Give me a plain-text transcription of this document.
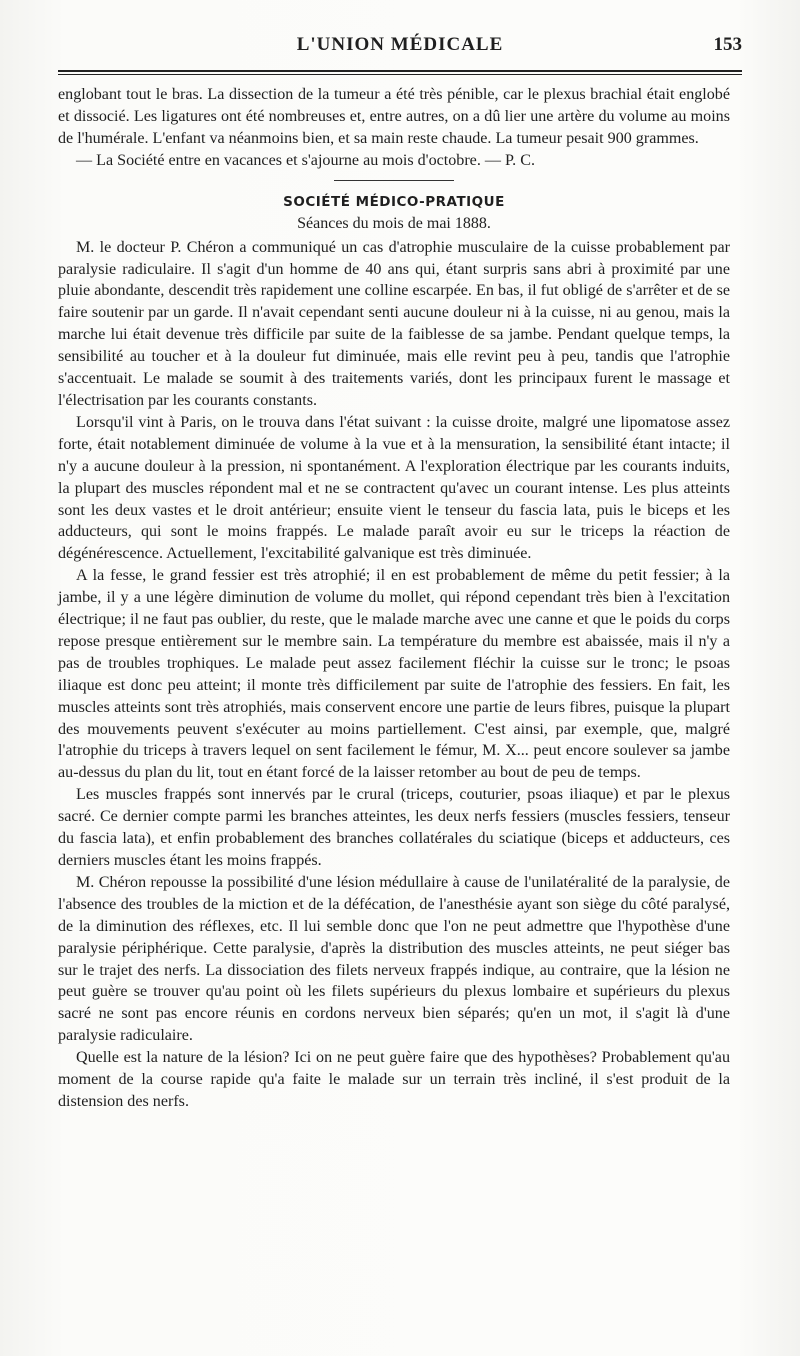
L'UNION MÉDICALE	153

englobant tout le bras. La dissection de la tumeur a été très pénible, car le plexus brachial était englobé et dissocié. Les ligatures ont été nombreuses et, entre autres, on a dû lier une artère du volume au moins de l'humérale. L'enfant va néanmoins bien, et sa main reste chaude. La tumeur pesait 900 grammes.

— La Société entre en vacances et s'ajourne au mois d'octobre. — P. C.

SOCIÉTÉ MÉDICO-PRATIQUE
Séances du mois de mai 1888.

M. le docteur P. Chéron a communiqué un cas d'atrophie musculaire de la cuisse probablement par paralysie radiculaire. Il s'agit d'un homme de 40 ans qui, étant surpris sans abri à proximité par une pluie abondante, descendit très rapidement une colline escarpée. En bas, il fut obligé de s'arrêter et de se faire soutenir par un garde. Il n'avait cependant senti aucune douleur ni à la cuisse, ni au genou, mais la marche lui était devenue très difficile par suite de la faiblesse de sa jambe. Pendant quelque temps, la sensibilité au toucher et à la douleur fut diminuée, mais elle revint peu à peu, tandis que l'atrophie s'accentuait. Le malade se soumit à des traitements variés, dont les principaux furent le massage et l'électrisation par les courants constants.

Lorsqu'il vint à Paris, on le trouva dans l'état suivant : la cuisse droite, malgré une lipomatose assez forte, était notablement diminuée de volume à la vue et à la mensuration, la sensibilité étant intacte; il n'y a aucune douleur à la pression, ni spontanément. A l'exploration électrique par les courants induits, la plupart des muscles répondent mal et ne se contractent qu'avec un courant intense. Les plus atteints sont les deux vastes et le droit antérieur; ensuite vient le tenseur du fascia lata, puis le biceps et les adducteurs, qui sont le moins frappés. Le malade paraît avoir eu sur le triceps la réaction de dégénérescence. Actuellement, l'excitabilité galvanique est très diminuée.

A la fesse, le grand fessier est très atrophié; il en est probablement de même du petit fessier; à la jambe, il y a une légère diminution de volume du mollet, qui répond cependant très bien à l'excitation électrique; il ne faut pas oublier, du reste, que le malade marche avec une canne et que le poids du corps repose presque entièrement sur le membre sain. La température du membre est abaissée, mais il n'y a pas de troubles trophiques. Le malade peut assez facilement fléchir la cuisse sur le tronc; le psoas iliaque est donc peu atteint; il monte très difficilement par suite de l'atrophie des fessiers. En fait, les muscles atteints sont très atrophiés, mais conservent encore une partie de leurs fibres, puisque la plupart des mouvements peuvent s'exécuter au moins partiellement. C'est ainsi, par exemple, que, malgré l'atrophie du triceps à travers lequel on sent facilement le fémur, M. X... peut encore soulever sa jambe au-dessus du plan du lit, tout en étant forcé de la laisser retomber au bout de peu de temps.

Les muscles frappés sont innervés par le crural (triceps, couturier, psoas iliaque) et par le plexus sacré. Ce dernier compte parmi les branches atteintes, les deux nerfs fessiers (muscles fessiers, tenseur du fascia lata), et enfin probablement des branches collatérales du sciatique (biceps et adducteurs, ces derniers muscles étant les moins frappés.

M. Chéron repousse la possibilité d'une lésion médullaire à cause de l'unilatéralité de la paralysie, de l'absence des troubles de la miction et de la défécation, de l'anesthésie ayant son siège du côté paralysé, de la diminution des réflexes, etc. Il lui semble donc que l'on ne peut admettre que l'hypothèse d'une paralysie périphérique. Cette paralysie, d'après la distribution des muscles atteints, ne peut siéger bas sur le trajet des nerfs. La dissociation des filets nerveux frappés indique, au contraire, que la lésion ne peut guère se trouver qu'au point où les filets supérieurs du plexus lombaire et supérieurs du plexus sacré ne sont pas encore réunis en cordons nerveux bien séparés; qu'en un mot, il s'agit là d'une paralysie radiculaire.

Quelle est la nature de la lésion? Ici on ne peut guère faire que des hypothèses? Probablement qu'au moment de la course rapide qu'a faite le malade sur un terrain très incliné, il s'est produit de la distension des nerfs.
